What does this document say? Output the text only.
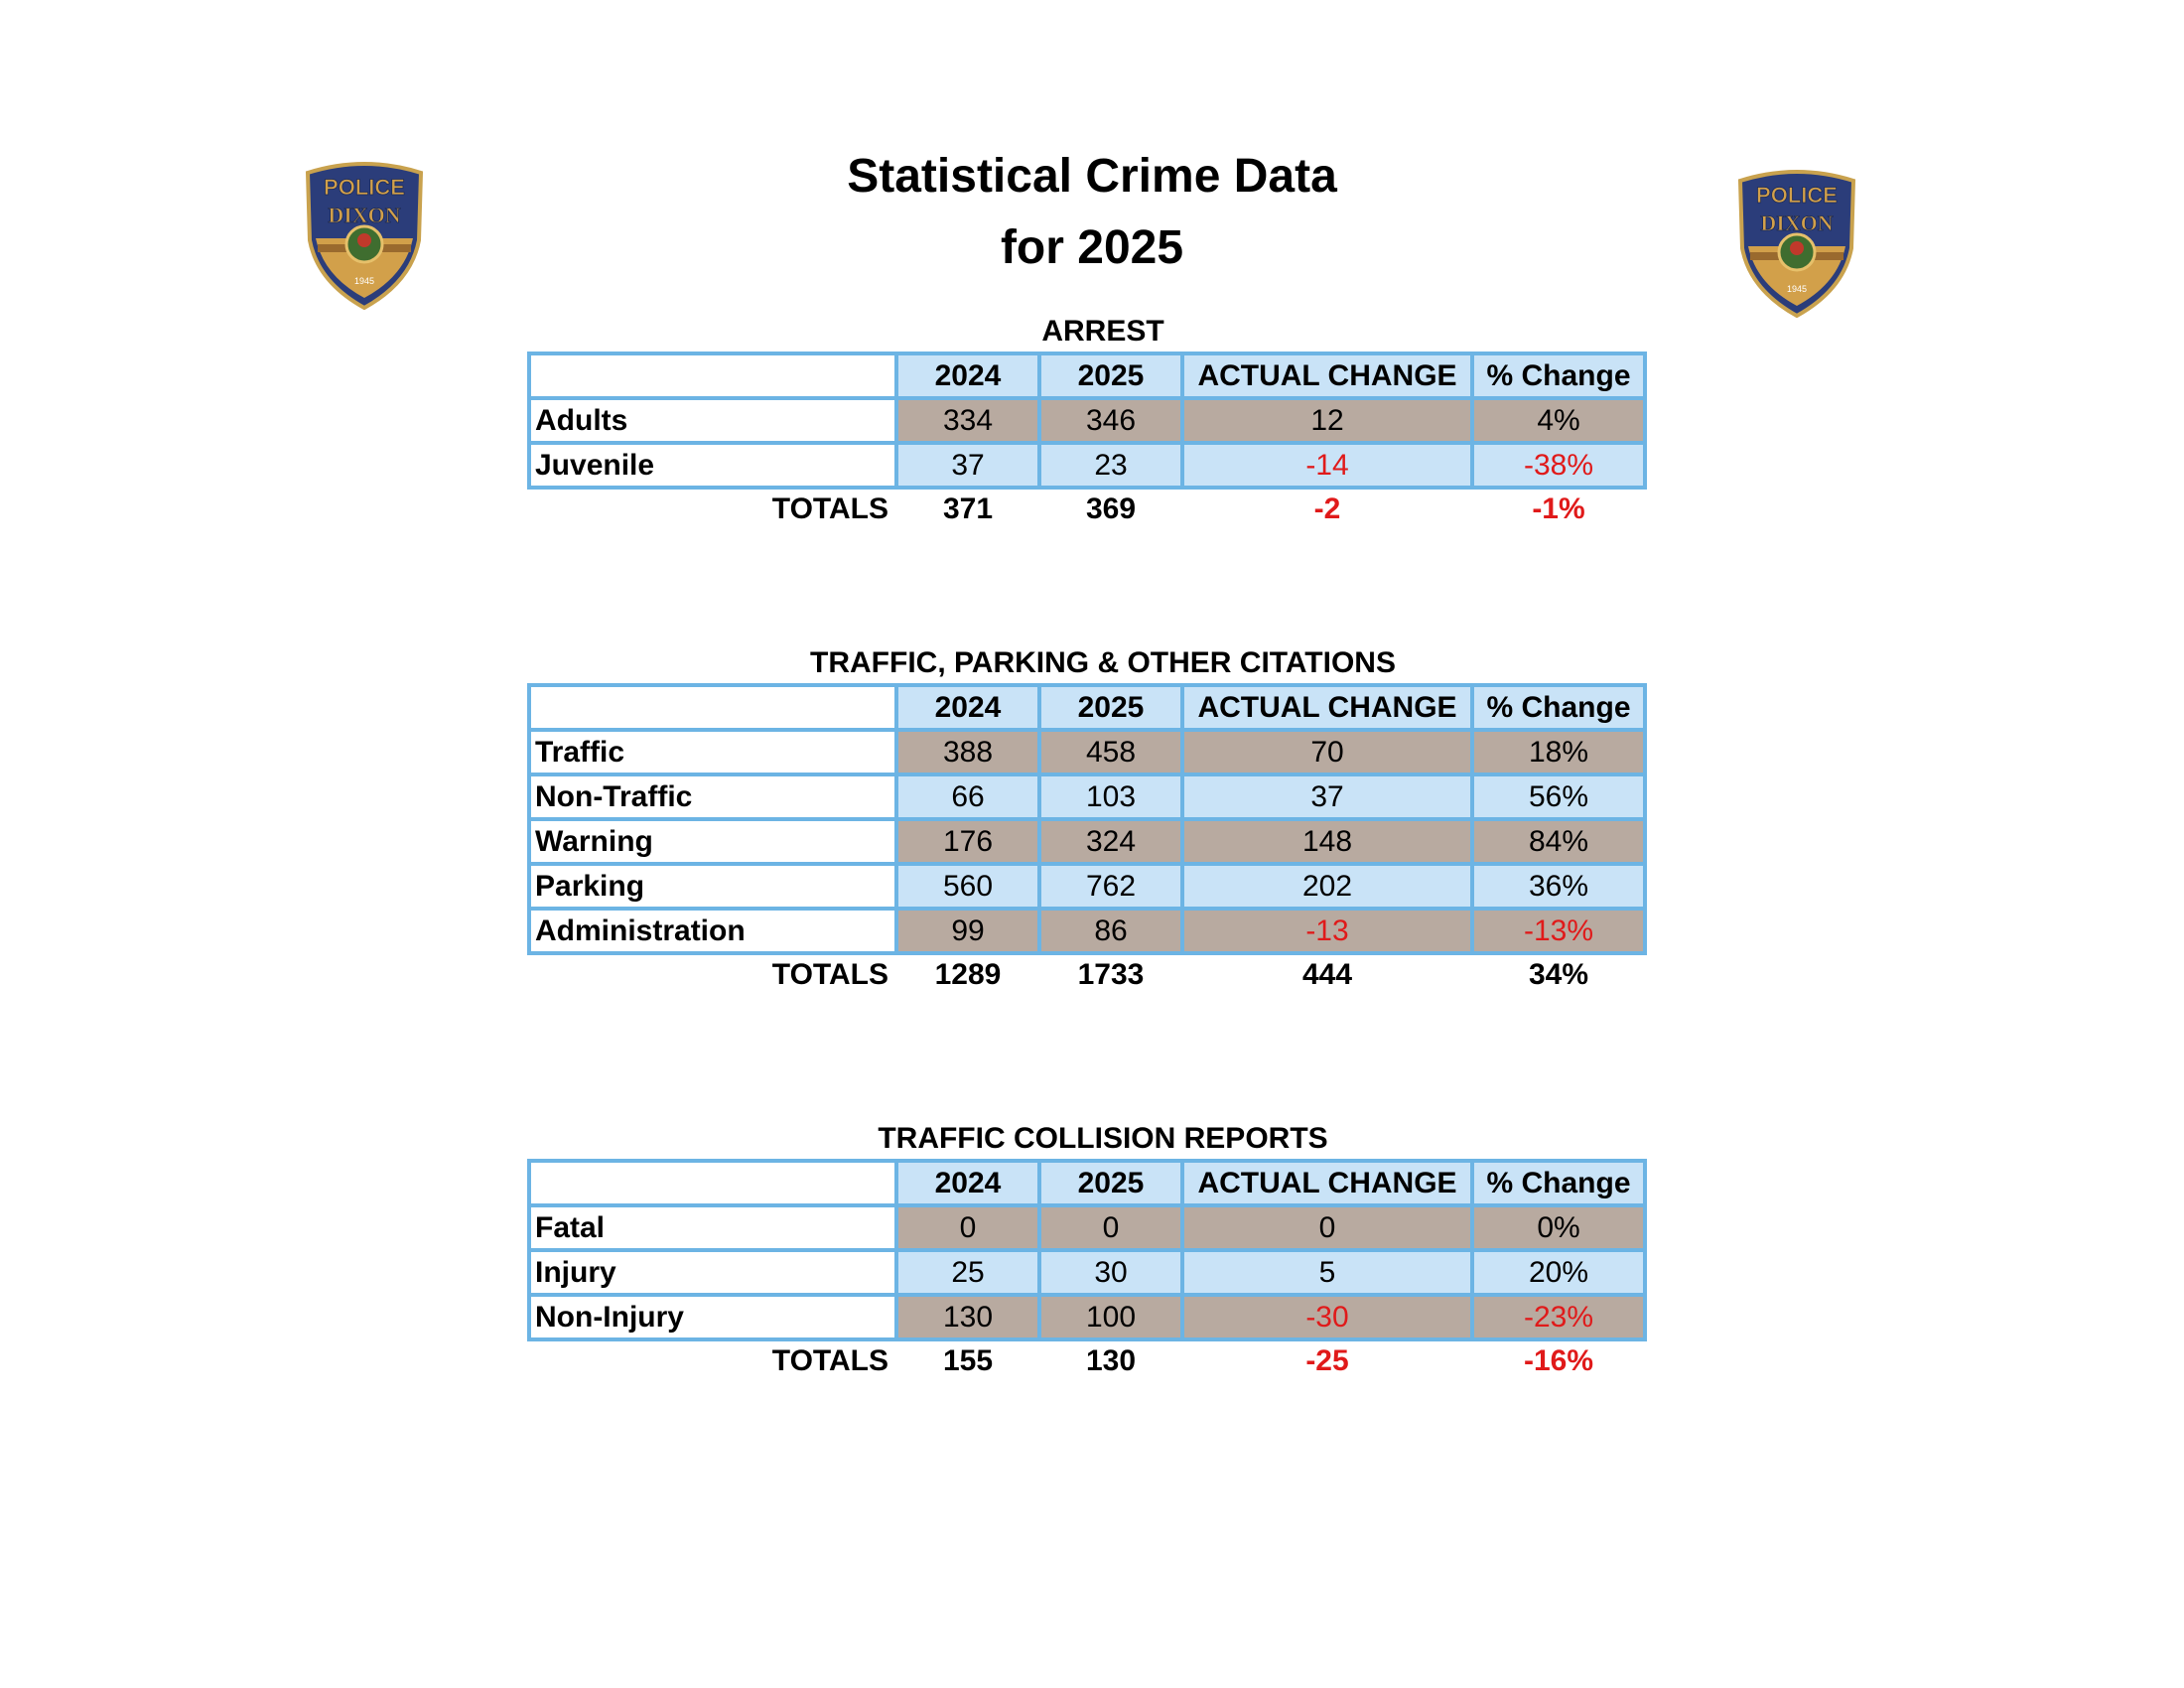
POLICE
DIXON
1945
POLICE
DIXON
1945
Statistical Crime Data
for 2025
ARREST
	2024	2025	ACTUAL CHANGE	% Change
Adults	334	346	12	4%
Juvenile	37	23	-14	-38%
TOTALS	371	369	-2	-1%
TRAFFIC, PARKING & OTHER CITATIONS
	2024	2025	ACTUAL CHANGE	% Change
Traffic	388	458	70	18%
Non-Traffic	66	103	37	56%
Warning	176	324	148	84%
Parking	560	762	202	36%
Administration	99	86	-13	-13%
TOTALS	1289	1733	444	34%
TRAFFIC COLLISION REPORTS
	2024	2025	ACTUAL CHANGE	% Change
Fatal	0	0	0	0%
Injury	25	30	5	20%
Non-Injury	130	100	-30	-23%
TOTALS	155	130	-25	-16%
